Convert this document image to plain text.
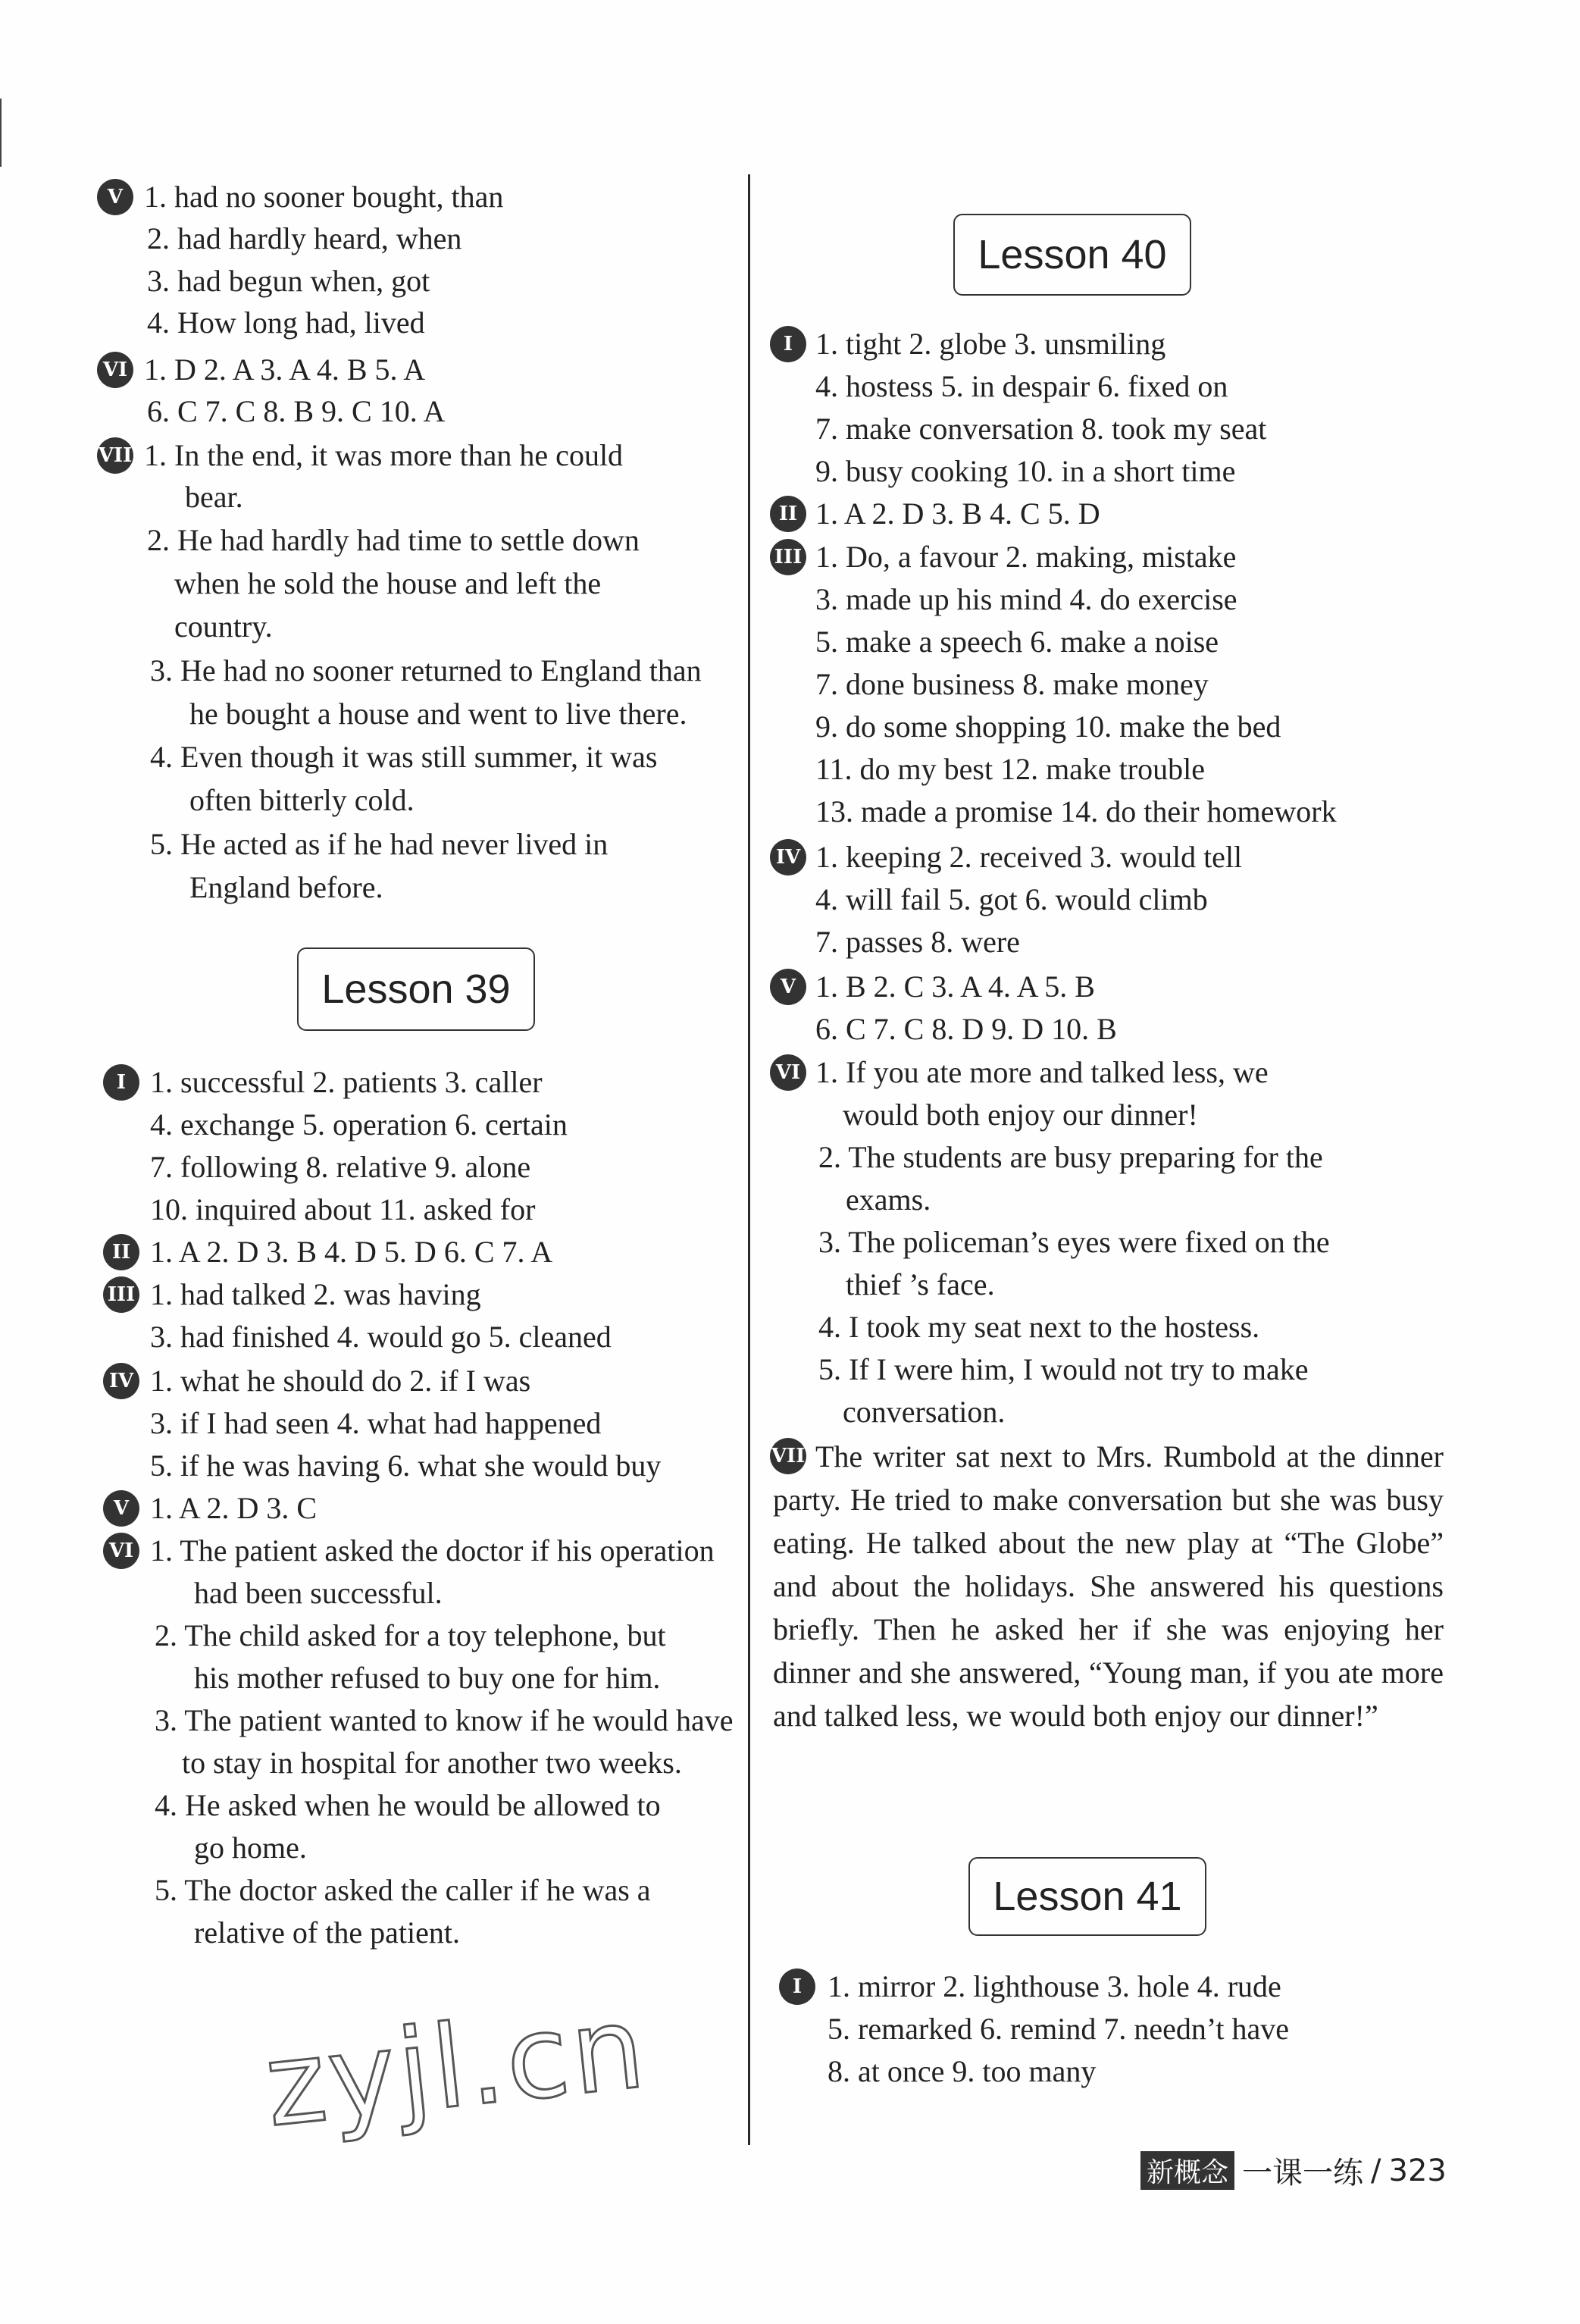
V 1. had no sooner bought, than
2. had hardly heard, when
3. had begun when, got
4. How long had, lived
VI 1. D 2. A 3. A 4. B 5. A
6. C 7. C 8. B 9. C 10. A
VII 1. In the end, it was more than he could
bear.
2. He had hardly had time to settle down
when he sold the house and left the
country.
3. He had no sooner returned to England than
he bought a house and went to live there.
4. Even though it was still summer, it was
often bitterly cold.
5. He acted as if he had never lived in
England before.
Lesson 39
I 1. successful 2. patients 3. caller
4. exchange 5. operation 6. certain
7. following 8. relative 9. alone
10. inquired about 11. asked for
II 1. A 2. D 3. B 4. D 5. D 6. C 7. A
III 1. had talked 2. was having
3. had finished 4. would go 5. cleaned
IV 1. what he should do 2. if I was
3. if I had seen 4. what had happened
5. if he was having 6. what she would buy
V 1. A 2. D 3. C
VI 1. The patient asked the doctor if his operation
had been successful.
2. The child asked for a toy telephone, but
his mother refused to buy one for him.
3. The patient wanted to know if he would have
to stay in hospital for another two weeks.
4. He asked when he would be allowed to
go home.
5. The doctor asked the caller if he was a
relative of the patient.
zyjl.cn
Lesson 40
I 1. tight 2. globe 3. unsmiling
4. hostess 5. in despair 6. fixed on
7. make conversation 8. took my seat
9. busy cooking 10. in a short time
II 1. A 2. D 3. B 4. C 5. D
III 1. Do, a favour 2. making, mistake
3. made up his mind 4. do exercise
5. make a speech 6. make a noise
7. done business 8. make money
9. do some shopping 10. make the bed
11. do my best 12. make trouble
13. made a promise 14. do their homework
IV 1. keeping 2. received 3. would tell
4. will fail 5. got 6. would climb
7. passes 8. were
V 1. B 2. C 3. A 4. A 5. B
6. C 7. C 8. D 9. D 10. B
VI 1. If you ate more and talked less, we
would both enjoy our dinner!
2. The students are busy preparing for the
exams.
3. The policeman’s eyes were fixed on the
thief ’s face.
4. I took my seat next to the hostess.
5. If I were him, I would not try to make
conversation.
VII The writer sat next to Mrs. Rumbold at the dinner party. He tried to make conversation but she was busy eating. He talked about the new play at “The Globe” and about the holidays. She answered his questions briefly. Then he asked her if she was enjoying her dinner and she answered, “Young man, if you ate more and talked less, we would both enjoy our dinner!”
Lesson 41
I 1. mirror 2. lighthouse 3. hole 4. rude
5. remarked 6. remind 7. needn’t have
8. at once 9. too many
新概念 一课一练 / 323
